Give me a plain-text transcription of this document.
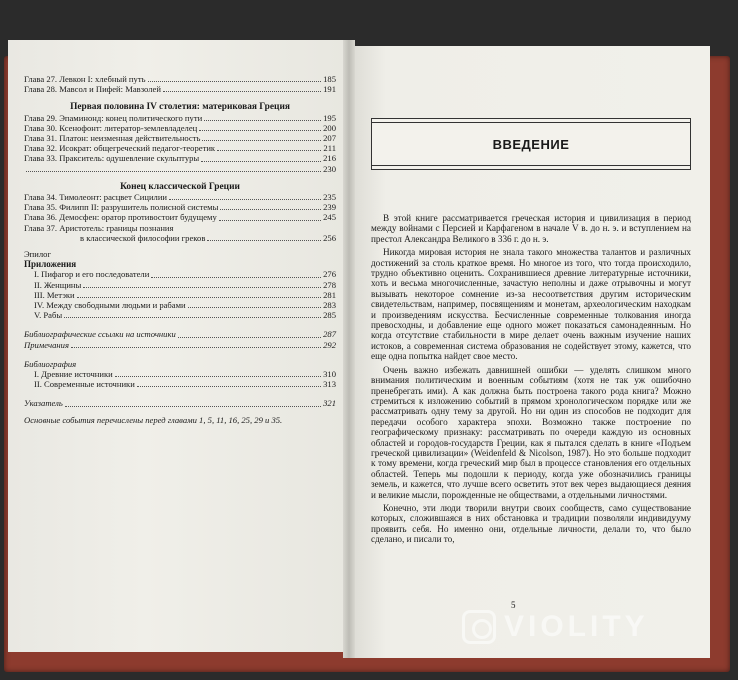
Глава 27. Левкон I: хлебный путь	185
Глава 28. Мавсол и Пифей: Мавзолей	191
Первая половина IV столетия: материковая Греция
Глава 29. Эпаминонд: конец политического пути	195
Глава 30. Ксенофонт: литератор-землевладелец	200
Глава 31. Платон: неизменная действительность	207
Глава 32. Исократ: общегреческий педагог-теоретик	211
Глава 33. Пракситель: одушевление скульптуры	216
230
Конец классической Греции
Глава 34. Тимолеонт: расцвет Сицилии	235
Глава 35. Филипп II: разрушитель полисной системы	239
Глава 36. Демосфен: оратор противостоит будущему	245
Глава 37. Аристотель: границы познания
в классической философии греков	256
Эпилог
Приложения
I. Пифагор и его последователи	276
II. Женщины	278
III. Метэки	281
IV. Между свободными людьми и рабами	283
V. Рабы	285
Библиографические ссылки на источники	287
Примечания	292
Библиография
I. Древние источники	310
II. Современные источники	313
Указатель	321
Основные события перечислены перед главами 1, 5, 11, 16, 25, 29 и 35.
ВВЕДЕНИЕ

В этой книге рассматривается греческая история и цивилизация в период между войнами с Персией и Карфагеном в начале V в. до н. э. и вступлением на престол Александра Великого в 336 г. до н. э.

Никогда мировая история не знала такого множества талантов и различных достижений за столь краткое время. Но многое из того, что тогда происходило, трудно объективно оценить. Сохранившиеся древние литературные источники, хоть и весьма многочисленные, зачастую неполны и даже отрывочны и могут вызывать некоторое сомнение из-за несоответствия другим историческим свидетельствам, например, посвящениям и монетам, археологическим находкам и произведениям искусства. Бесчисленные современные толкования иногда превосходны, и добавление еще одного может показаться самонадеянным. Но когда отсутствие стабильности в мире делает очень важным изучение наших истоков, а современная система образования не содействует этому, кажется, что еще одна попытка найдет свое место.

Очень важно избежать давнишней ошибки — уделять слишком много внимания политическим и военным событиям (хотя не так уж ошибочно пренебрегать ими). А как должна быть построена такого рода книга? Можно стремиться к изложению событий в прямом хронологическом порядке или же рассматривать одну тему за другой. Но ни один из способов не подходит для передачи особого характера эпохи. Возможно также построение по географическому признаку: рассматривать по очереди каждую из основных областей и городов-государств Греции, как я пытался сделать в книге «Подъем греческой цивилизации» (Weidenfeld & Nicolson, 1987). Но это больше подходит к тому времени, когда греческий мир был в процессе становления его отдельных областей. Теперь мы подошли к периоду, когда уже обозначились границы земель, и кажется, что лучше всего осветить этот век через выдающиеся деяния и великие мысли, порожденные не обществами, а отдельными личностями.

Конечно, эти люди творили внутри своих сообществ, само существование которых, сложившаяся в них обстановка и традиции позволяли индивидууму проявить себя. Но именно они, отдельные личности, делали то, что было сделано, и писали то,

5
VIOLITY
